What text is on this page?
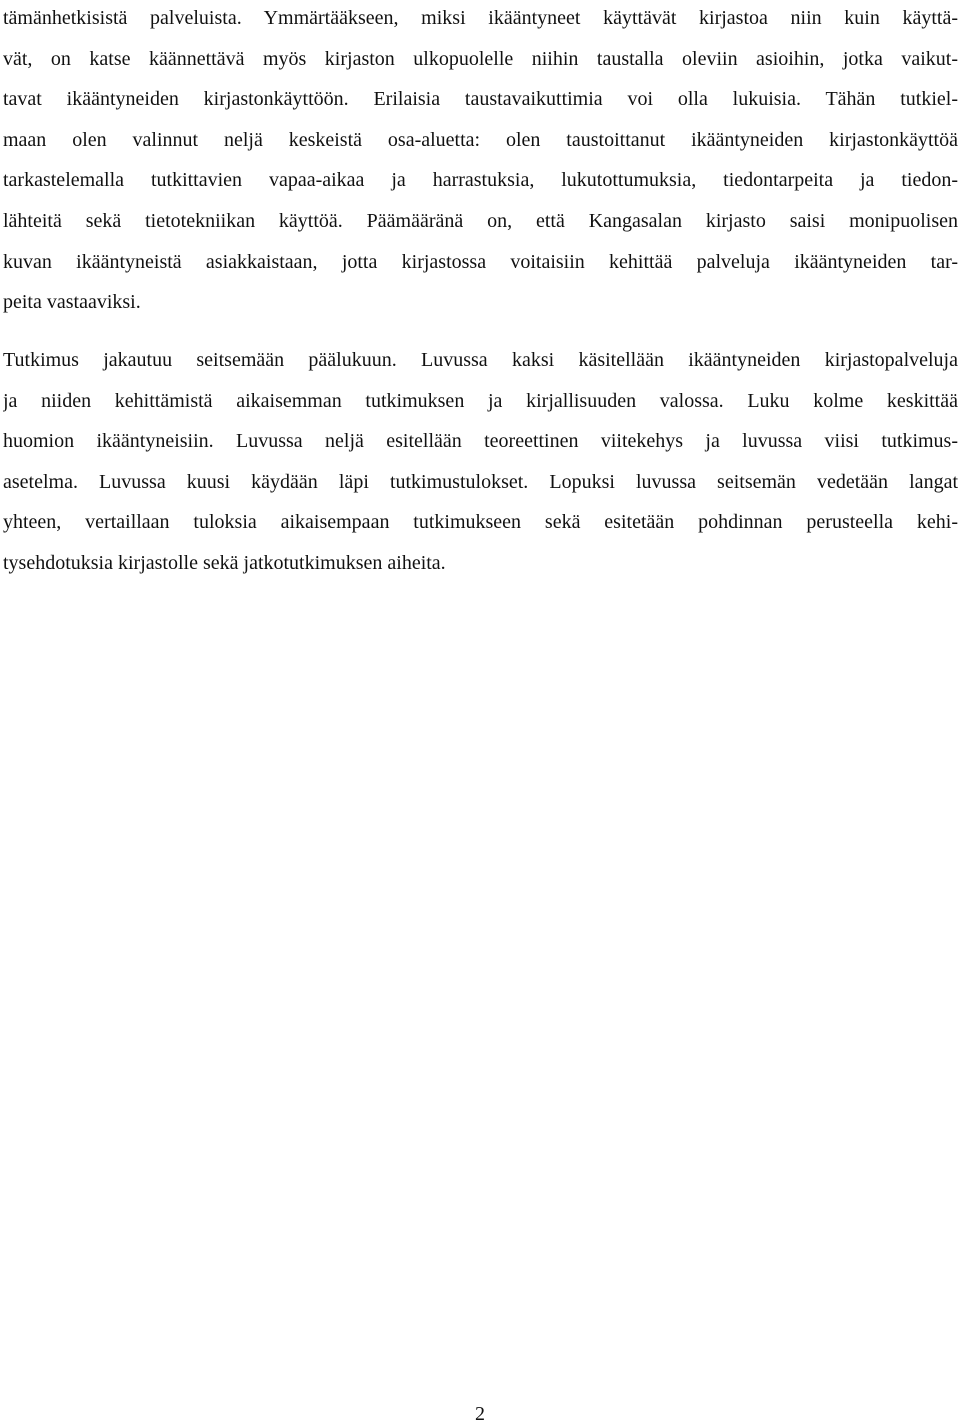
tämänhetkisistä palveluista. Ymmärtääkseen, miksi ikääntyneet käyttävät kirjastoa niin kuin käyttä-
vät, on katse käännettävä myös kirjaston ulkopuolelle niihin taustalla oleviin asioihin, jotka vaikut-
tavat ikääntyneiden kirjastonkäyttöön. Erilaisia taustavaikuttimia voi olla lukuisia. Tähän tutkiel-
maan olen valinnut neljä keskeistä osa-aluetta: olen taustoittanut ikääntyneiden kirjastonkäyttöä
tarkastelemalla tutkittavien vapaa-aikaa ja harrastuksia, lukutottumuksia, tiedontarpeita ja tiedon-
lähteitä sekä tietotekniikan käyttöä. Päämääränä on, että Kangasalan kirjasto saisi monipuolisen
kuvan ikääntyneistä asiakkaistaan, jotta kirjastossa voitaisiin kehittää palveluja ikääntyneiden tar-
peita vastaaviksi.
Tutkimus jakautuu seitsemään päälukuun. Luvussa kaksi käsitellään ikääntyneiden kirjastopalveluja
ja niiden kehittämistä aikaisemman tutkimuksen ja kirjallisuuden valossa. Luku kolme keskittää
huomion ikääntyneisiin. Luvussa neljä esitellään teoreettinen viitekehys ja luvussa viisi tutkimus-
asetelma. Luvussa kuusi käydään läpi tutkimustulokset. Lopuksi luvussa seitsemän vedetään langat
yhteen, vertaillaan tuloksia aikaisempaan tutkimukseen sekä esitetään pohdinnan perusteella kehi-
tysehdotuksia kirjastolle sekä jatkotutkimuksen aiheita.
2
